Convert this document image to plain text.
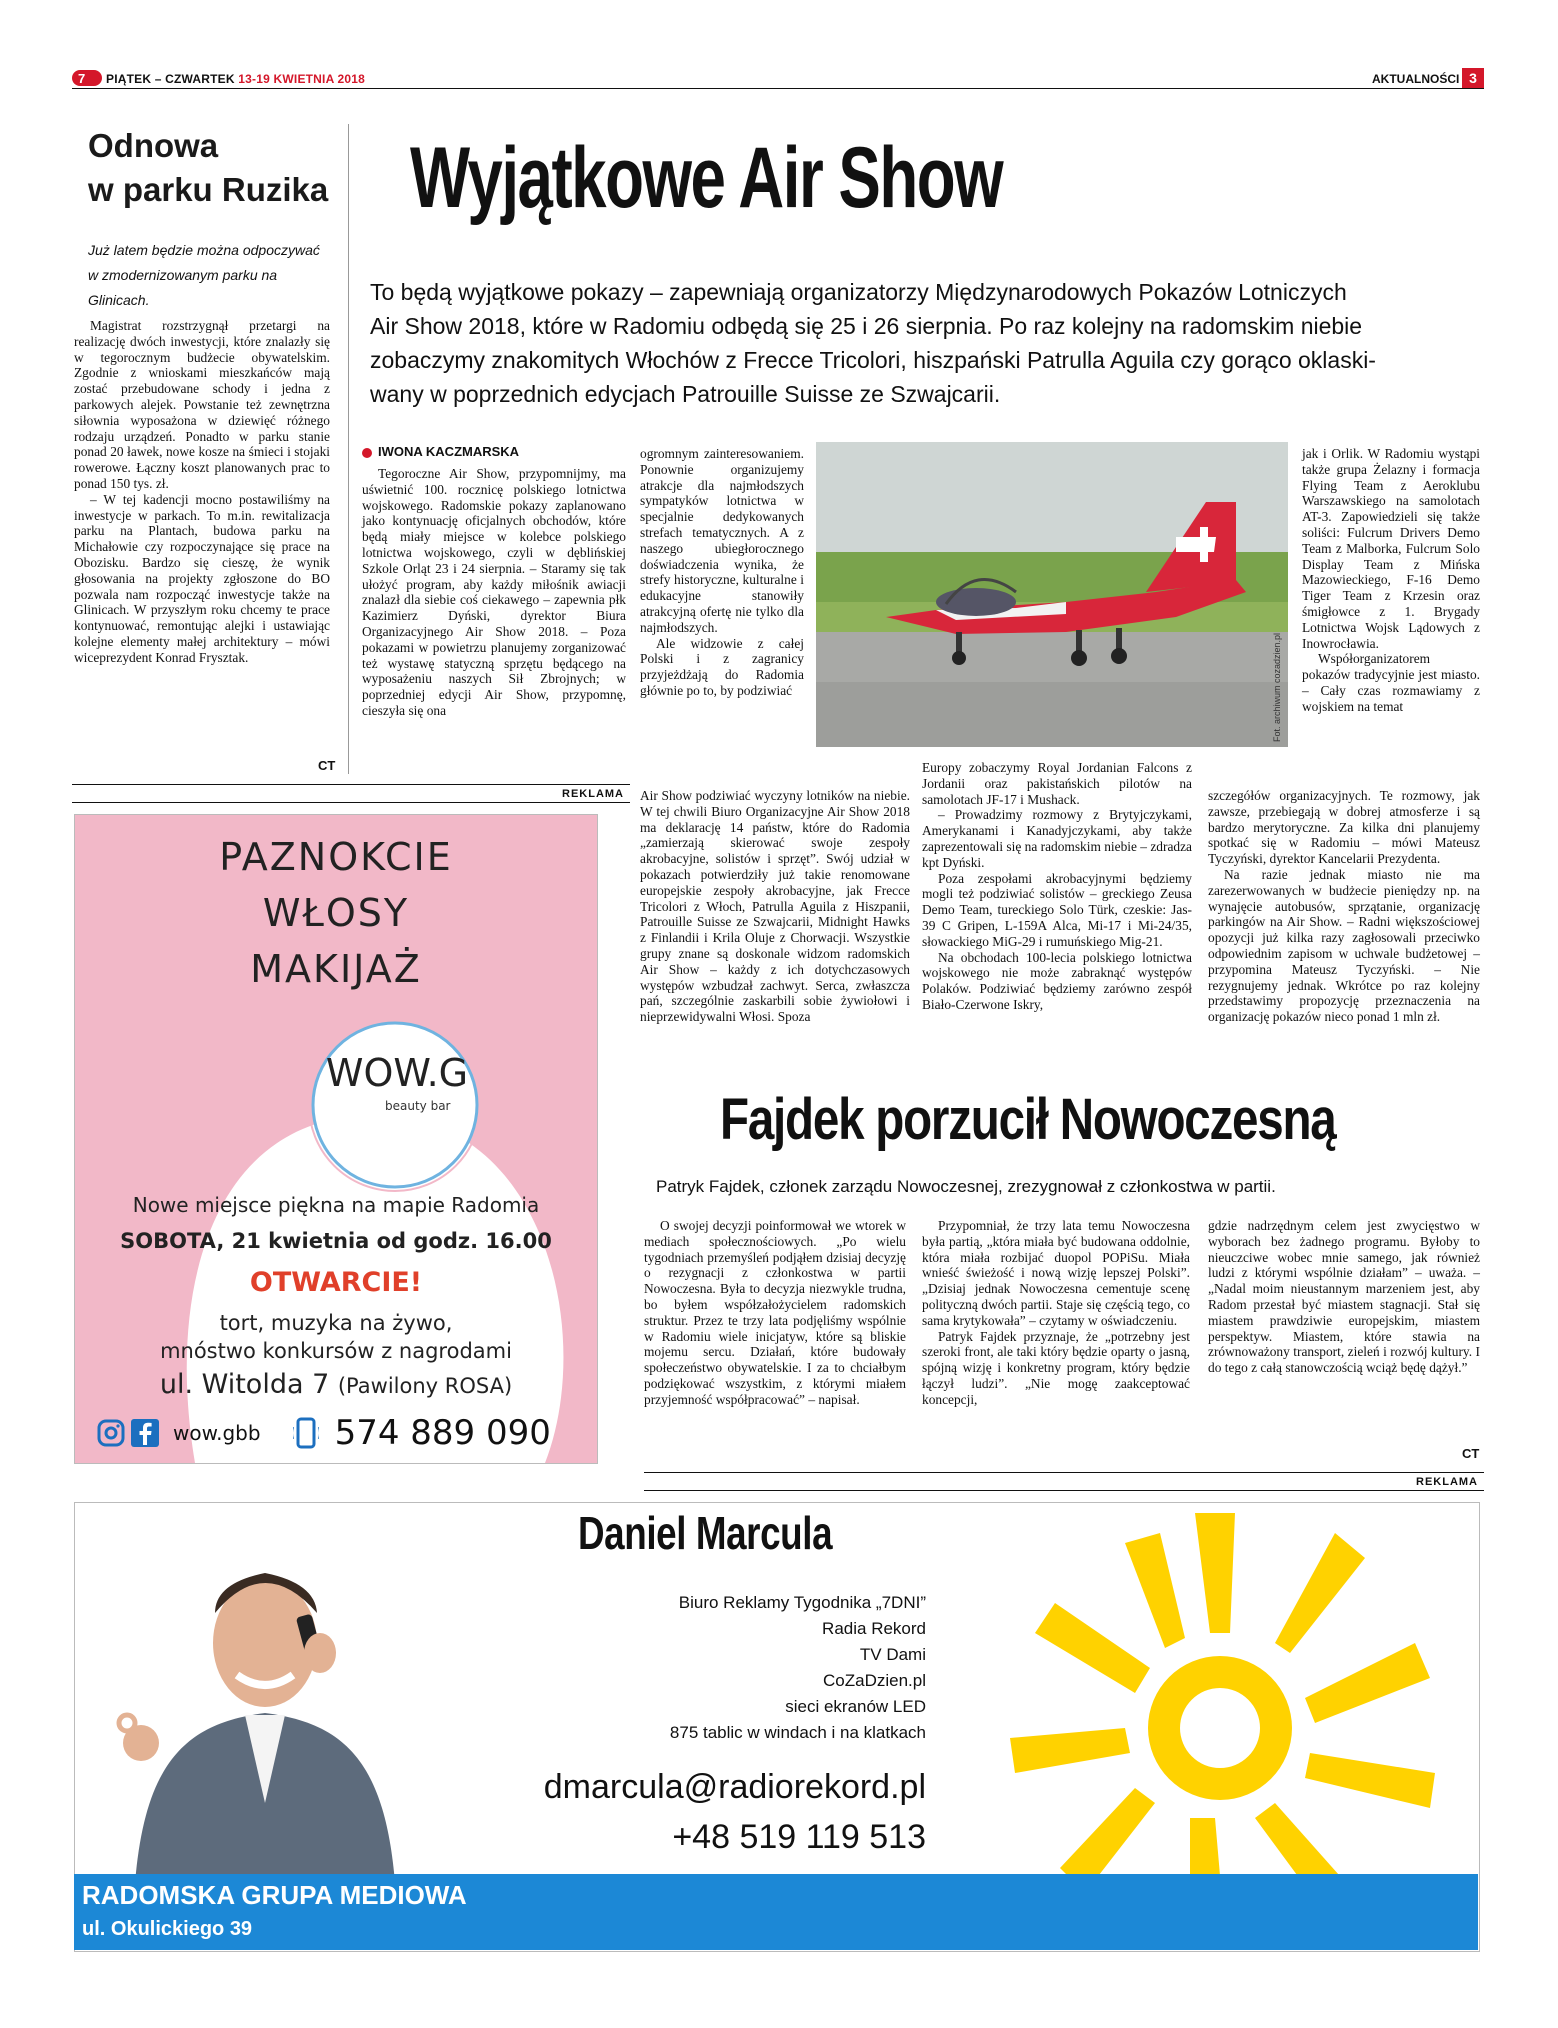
7 PIĄTEK – CZWARTEK 13-19 KWIETNIA 2018	AKTUALNOŚCI 3
Odnowa
w parku Ruzika
Już latem będzie można odpoczywać
w zmodernizowanym parku na Glinicach.

Magistrat rozstrzygnął przetargi na realizację dwóch inwestycji, które znalazły się w tegorocznym budżecie obywatelskim. Zgodnie z wnioskami mieszkańców mają zostać przebudowane schody i jedna z parkowych alejek. Powstanie też zewnętrzna siłownia wyposażona w dziewięć różnego rodzaju urządzeń. Ponadto w parku stanie ponad 20 ławek, nowe kosze na śmieci i stojaki rowerowe. Łączny koszt planowanych prac to ponad 150 tys. zł.

– W tej kadencji mocno postawiliśmy na inwestycje w parkach. To m.in. rewitalizacja parku na Plantach, budowa parku na Michałowie czy rozpoczynające się prace na Obozisku. Bardzo się cieszę, że wynik głosowania na projekty zgłoszone do BO pozwala nam rozpocząć inwestycje także na Glinicach. W przyszłym roku chcemy te prace kontynuować, remontując alejki i ustawiając kolejne elementy małej architektury – mówi wiceprezydent Konrad Frysztak.

CT
Wyjątkowe Air Show
To będą wyjątkowe pokazy – zapewniają organizatorzy Międzynarodowych Pokazów Lotniczych
Air Show 2018, które w Radomiu odbędą się 25 i 26 sierpnia. Po raz kolejny na radomskim niebie
zobaczymy znakomitych Włochów z Frecce Tricolori, hiszpański Patrulla Aguila czy gorąco oklaski-
wany w poprzednich edycjach Patrouille Suisse ze Szwajcarii.
IWONA KACZMARSKA

Tegoroczne Air Show, przypomnijmy, ma uświetnić 100. rocznicę polskiego lotnictwa wojskowego. Radomskie pokazy zaplanowano jako kontynuację oficjalnych obchodów, które będą miały miejsce w kolebce polskiego lotnictwa wojskowego, czyli w dęblińskiej Szkole Orląt 23 i 24 sierpnia. – Staramy się tak ułożyć program, aby każdy miłośnik awiacji znalazł dla siebie coś ciekawego – zapewnia płk Kazimierz Dyński, dyrektor Biura Organizacyjnego Air Show 2018. – Poza pokazami w powietrzu planujemy zorganizować też wystawę statyczną sprzętu będącego na wyposażeniu naszych Sił Zbrojnych; w poprzedniej edycji Air Show, przypomnę, cieszyła się ona

ogromnym zainteresowaniem. Ponownie organizujemy atrakcje dla najmłodszych sympatyków lotnictwa w specjalnie dedykowanych strefach tematycznych. A z naszego ubiegłorocznego doświadczenia wynika, że strefy historyczne, kulturalne i edukacyjne stanowiły atrakcyjną ofertę nie tylko dla najmłodszych.

Ale widzowie z całej Polski i z zagranicy przyjeżdżają do Radomia głównie po to, by podziwiać

Air Show podziwiać wyczyny lotników na niebie. W tej chwili Biuro Organizacyjne Air Show 2018 ma deklarację 14 państw, które do Radomia „zamierzają skierować swoje zespoły akrobacyjne, solistów i sprzęt”. Swój udział w pokazach potwierdziły już takie renomowane europejskie zespoły akrobacyjne, jak Frecce Tricolori z Włoch, Patrulla Aguila z Hiszpanii, Patrouille Suisse ze Szwajcarii, Midnight Hawks z Finlandii i Krila Oluje z Chorwacji. Wszystkie grupy znane są doskonale widzom radomskich Air Show – każdy z ich dotychczasowych występów wzbudzał zachwyt. Serca, zwłaszcza pań, szczególnie zaskarbili sobie żywiołowi i nieprzewidywalni Włosi. Spoza

Europy zobaczymy Royal Jordanian Falcons z Jordanii oraz pakistańskich pilotów na samolotach JF-17 i Mushack.

– Prowadzimy rozmowy z Brytyjczykami, Amerykanami i Kanadyjczykami, aby także zaprezentowali się na radomskim niebie – zdradza kpt Dyński.

Poza zespołami akrobacyjnymi będziemy mogli też podziwiać solistów – greckiego Zeusa Demo Team, tureckiego Solo Türk, czeskie: Jas-39 C Gripen, L-159A Alca, Mi-17 i Mi-24/35, słowackiego MiG-29 i rumuńskiego Mig-21.

Na obchodach 100-lecia polskiego lotnictwa wojskowego nie może zabraknąć występów Polaków. Podziwiać będziemy zarówno zespół Biało-Czerwone Iskry,

jak i Orlik. W Radomiu wystąpi także grupa Żelazny i formacja Flying Team z Aeroklubu Warszawskiego na samolotach AT-3. Zapowiedzieli się także soliści: Fulcrum Drivers Demo Team z Malborka, Fulcrum Solo Display Team z Mińska Mazowieckiego, F-16 Demo Tiger Team z Krzesin oraz śmigłowce z 1. Brygady Lotnictwa Wojsk Lądowych z Inowrocławia.

Współorganizatorem pokazów tradycyjnie jest miasto. – Cały czas rozmawiamy z wojskiem na temat

szczegółów organizacyjnych. Te rozmowy, jak zawsze, przebiegają w dobrej atmosferze i są bardzo merytoryczne. Za kilka dni planujemy spotkać się w Radomiu – mówi Mateusz Tyczyński, dyrektor Kancelarii Prezydenta.

Na razie jednak miasto nie ma zarezerwowanych w budżecie pieniędzy np. na wynajęcie autobusów, sprzątanie, organizację parkingów na Air Show. – Radni większościowej opozycji już kilka razy zagłosowali przeciwko odpowiednim zapisom w uchwale budżetowej – przypomina Mateusz Tyczyński. – Nie rezygnujemy jednak. Wkrótce po raz kolejny przedstawimy propozycję przeznaczenia na organizację pokazów nieco ponad 1 mln zł.

Fot. archiwum cozadzien.pl
REKLAMA
PAZNOKCIE
WŁOSY
MAKIJAŻ
WOW.G
beauty bar
Nowe miejsce piękna na mapie Radomia
SOBOTA, 21 kwietnia od godz. 16.00
OTWARCIE!
tort, muzyka na żywo,
mnóstwo konkursów z nagrodami
ul. Witolda 7 (Pawilony ROSA)
wow.gbb 574 889 090
Fajdek porzucił Nowoczesną
Patryk Fajdek, członek zarządu Nowoczesnej, zrezygnował z członkostwa w partii.

O swojej decyzji poinformował we wtorek w mediach społecznościowych. „Po wielu tygodniach przemyśleń podjąłem dzisiaj decyzję o rezygnacji z członkostwa w partii Nowoczesna. Była to decyzja niezwykle trudna, bo byłem współzałożycielem radomskich struktur. Przez te trzy lata podjęliśmy wspólnie w Radomiu wiele inicjatyw, które są bliskie mojemu sercu. Działań, które budowały społeczeństwo obywatelskie. I za to chciałbym podziękować wszystkim, z którymi miałem przyjemność współpracować” – napisał.

Przypomniał, że trzy lata temu Nowoczesna była partią, „która miała być budowana oddolnie, która miała rozbijać duopol POPiSu. Miała wnieść świeżość i nową wizję lepszej Polski”. „Dzisiaj jednak Nowoczesna cementuje scenę polityczną dwóch partii. Staje się częścią tego, co sama krytykowała” – czytamy w oświadczeniu.

Patryk Fajdek przyznaje, że „potrzebny jest szeroki front, ale taki który będzie oparty o jasną, spójną wizję i konkretny program, który będzie łączył ludzi”. „Nie mogę zaakceptować koncepcji,

gdzie nadrzędnym celem jest zwycięstwo w wyborach bez żadnego programu. Byłoby to nieuczciwe wobec mnie samego, jak również ludzi z którymi wspólnie działam” – uważa. – „Nadal moim nieustannym marzeniem jest, aby Radom przestał być miastem stagnacji. Stał się miastem prawdziwie europejskim, miastem perspektyw. Miastem, które stawia na zrównoważony transport, zieleń i rozwój kultury. I do tego z całą stanowczością wciąż będę dążył.”

CT
REKLAMA
Daniel Marcula
Biuro Reklamy Tygodnika „7DNI”
Radia Rekord
TV Dami
CoZaDzien.pl
sieci ekranów LED
875 tablic w windach i na klatkach
dmarcula@radiorekord.pl
+48 519 119 513
RADOMSKA GRUPA MEDIOWA
ul. Okulickiego 39
